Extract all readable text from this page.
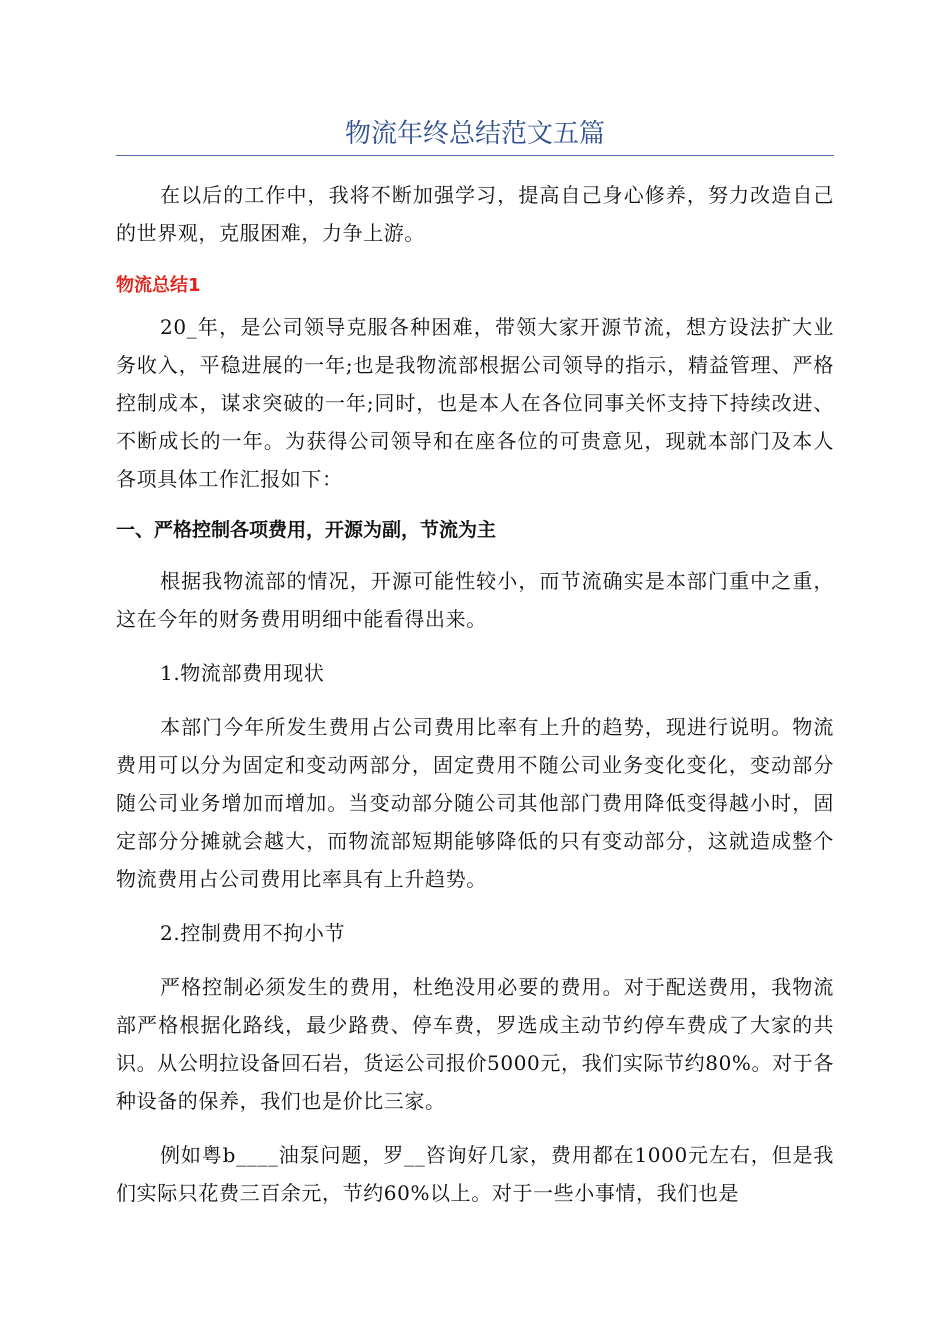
物流年终总结范文五篇

在以后的工作中，我将不断加强学习，提高自己身心修养，努力改造自己的世界观，克服困难，力争上游。

物流总结1

20_年，是公司领导克服各种困难，带领大家开源节流，想方设法扩大业务收入，平稳进展的一年;也是我物流部根据公司领导的指示，精益管理、严格控制成本，谋求突破的一年;同时，也是本人在各位同事关怀支持下持续改进、不断成长的一年。为获得公司领导和在座各位的可贵意见，现就本部门及本人各项具体工作汇报如下：

一、严格控制各项费用，开源为副，节流为主

根据我物流部的情况，开源可能性较小，而节流确实是本部门重中之重，这在今年的财务费用明细中能看得出来。

1.物流部费用现状

本部门今年所发生费用占公司费用比率有上升的趋势，现进行说明。物流费用可以分为固定和变动两部分，固定费用不随公司业务变化变化，变动部分随公司业务增加而增加。当变动部分随公司其他部门费用降低变得越小时，固定部分分摊就会越大，而物流部短期能够降低的只有变动部分，这就造成整个物流费用占公司费用比率具有上升趋势。

2.控制费用不拘小节

严格控制必须发生的费用，杜绝没用必要的费用。对于配送费用，我物流部严格根据化路线，最少路费、停车费，罗选成主动节约停车费成了大家的共识。从公明拉设备回石岩，货运公司报价5000元，我们实际节约80%。对于各种设备的保养，我们也是价比三家。

例如粤b____油泵问题，罗__咨询好几家，费用都在1000元左右，但是我们实际只花费三百余元，节约60%以上。对于一些小事情，我们也是
